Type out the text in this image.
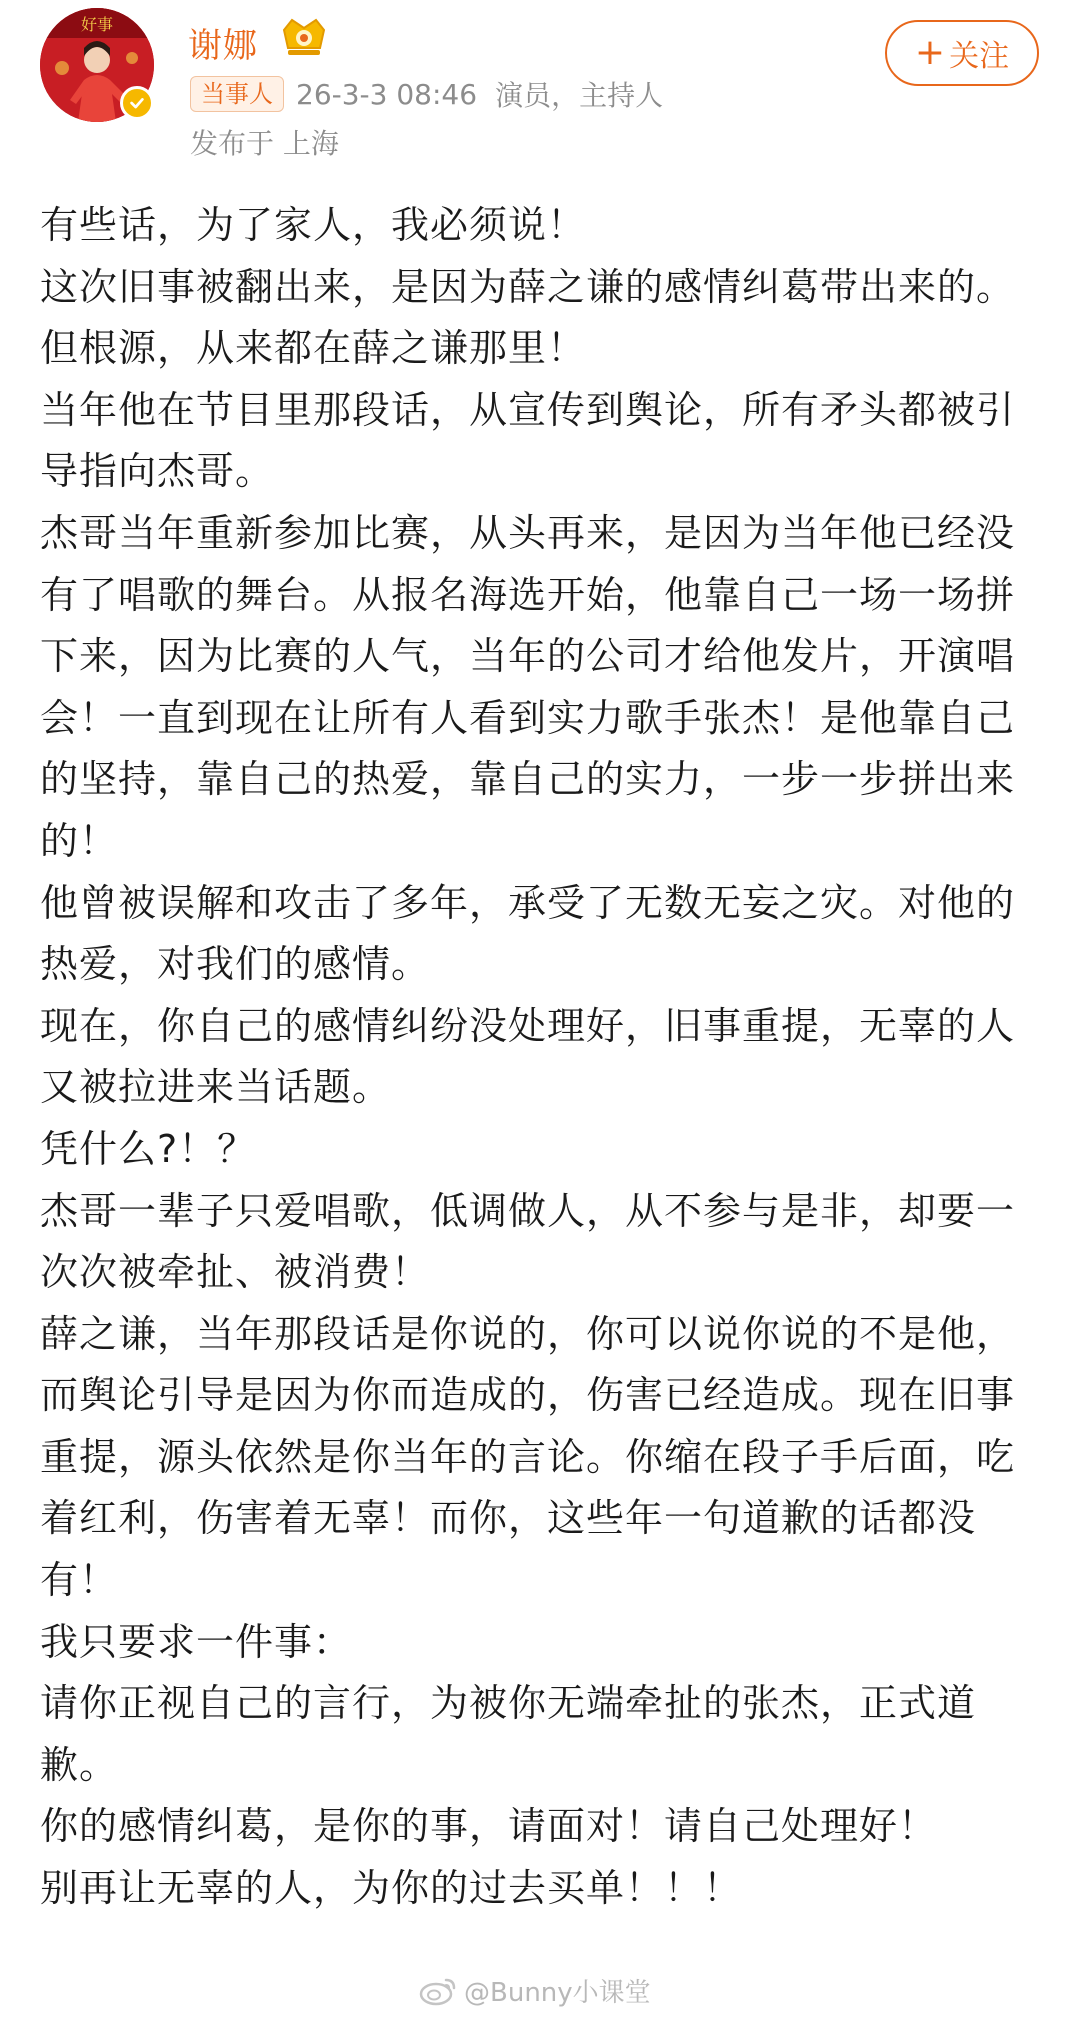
好事
谢娜
当事人 26-3-3 08:46 演员，主持人
发布于 上海
+ 关注

有些话，为了家人，我必须说！

这次旧事被翻出来，是因为薛之谦的感情纠葛带出来的。

但根源，从来都在薛之谦那里！

当年他在节目里那段话，从宣传到舆论，所有矛头都被引导指向杰哥。

杰哥当年重新参加比赛，从头再来，是因为当年他已经没有了唱歌的舞台。从报名海选开始，他靠自己一场一场拼下来，因为比赛的人气，当年的公司才给他发片，开演唱会！一直到现在让所有人看到实力歌手张杰！是他靠自己的坚持，靠自己的热爱，靠自己的实力，一步一步拼出来的！

他曾被误解和攻击了多年，承受了无数无妄之灾。对他的热爱，对我们的感情。

现在，你自己的感情纠纷没处理好，旧事重提，无辜的人又被拉进来当话题。

凭什么?！？

杰哥一辈子只爱唱歌，低调做人，从不参与是非，却要一次次被牵扯、被消费！

薛之谦，当年那段话是你说的，你可以说你说的不是他，而舆论引导是因为你而造成的，伤害已经造成。现在旧事重提，源头依然是你当年的言论。你缩在段子手后面，吃着红利，伤害着无辜！而你，这些年一句道歉的话都没有！

我只要求一件事：

请你正视自己的言行，为被你无端牵扯的张杰，正式道歉。

你的感情纠葛，是你的事，请面对！请自己处理好！

别再让无辜的人，为你的过去买单！！！

@Bunny小课堂
